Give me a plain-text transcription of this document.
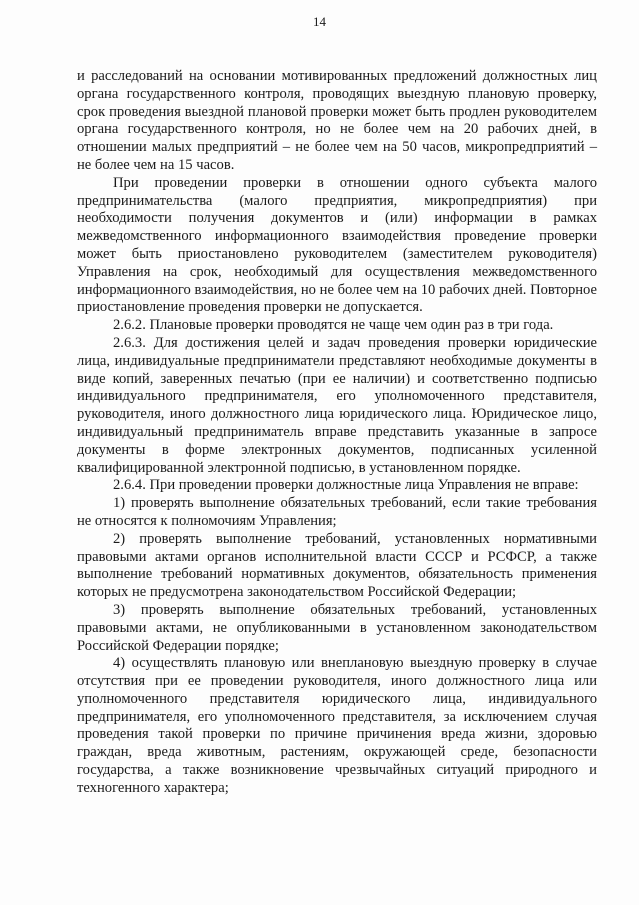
14

и расследований на основании мотивированных предложений должностных лиц органа государственного контроля, проводящих выездную плановую проверку, срок проведения выездной плановой проверки может быть продлен руководителем органа государственного контроля, но не более чем на 20 рабочих дней, в отношении малых предприятий – не более чем на 50 часов, микропредприятий – не более чем на 15 часов.

При проведении проверки в отношении одного субъекта малого предпринимательства (малого предприятия, микропредприятия) при необходимости получения документов и (или) информации в рамках межведомственного информационного взаимодействия проведение проверки может быть приостановлено руководителем (заместителем руководителя) Управления на срок, необходимый для осуществления межведомственного информационного взаимодействия, но не более чем на 10 рабочих дней. Повторное приостановление проведения проверки не допускается.

2.6.2. Плановые проверки проводятся не чаще чем один раз в три года.

2.6.3. Для достижения целей и задач проведения проверки юридические лица, индивидуальные предприниматели представляют необходимые документы в виде копий, заверенных печатью (при ее наличии) и соответственно подписью индивидуального предпринимателя, его уполномоченного представителя, руководителя, иного должностного лица юридического лица. Юридическое лицо, индивидуальный предприниматель вправе представить указанные в запросе документы в форме электронных документов, подписанных усиленной квалифицированной электронной подписью, в установленном порядке.

2.6.4. При проведении проверки должностные лица Управления не вправе:

1) проверять выполнение обязательных требований, если такие требования не относятся к полномочиям Управления;

2) проверять выполнение требований, установленных нормативными правовыми актами органов исполнительной власти СССР и РСФСР, а также выполнение требований нормативных документов, обязательность применения которых не предусмотрена законодательством Российской Федерации;

3) проверять выполнение обязательных требований, установленных правовыми актами, не опубликованными в установленном законодательством Российской Федерации порядке;

4) осуществлять плановую или внеплановую выездную проверку в случае отсутствия при ее проведении руководителя, иного должностного лица или уполномоченного представителя юридического лица, индивидуального предпринимателя, его уполномоченного представителя, за исключением случая проведения такой проверки по причине причинения вреда жизни, здоровью граждан, вреда животным, растениям, окружающей среде, безопасности государства, а также возникновение чрезвычайных ситуаций природного и техногенного характера;
